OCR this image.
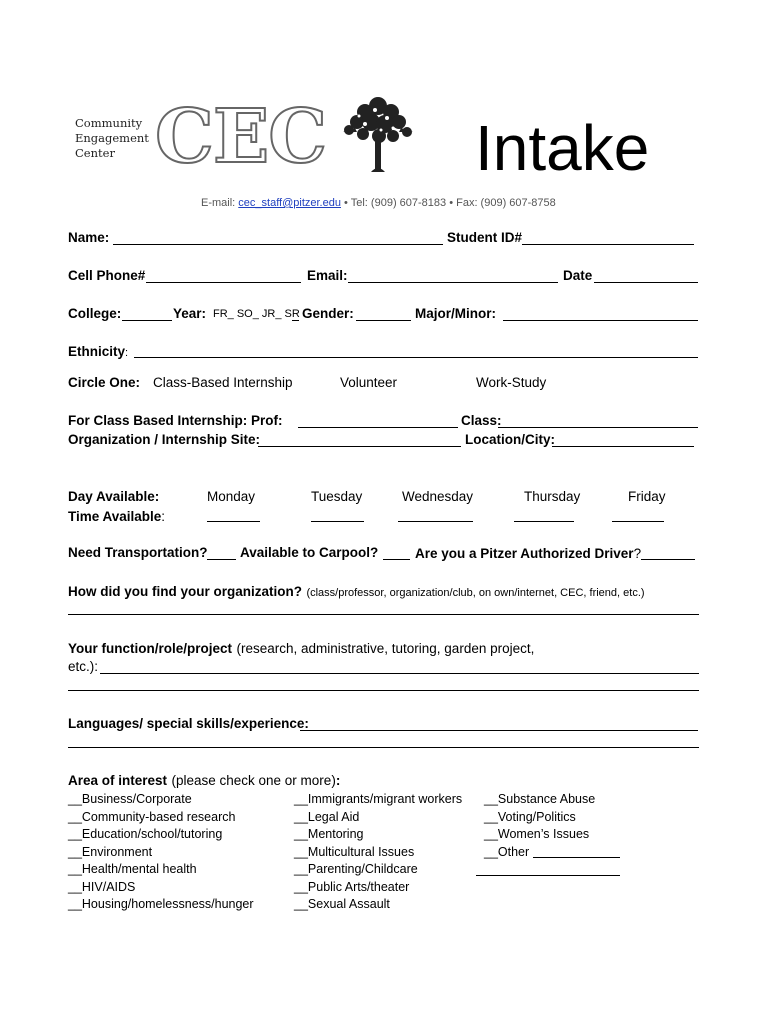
Community
Engagement
Center CEC Intake
E-mail: cec_staff@pitzer.edu • Tel: (909) 607-8183 • Fax: (909) 607-8758
Name:	Student ID#
Cell Phone#	Email:	Date
College:	Year: FR_ SO_ JR_ SR Gender:	Major/Minor:
Ethnicity:
Circle One: Class-Based Internship	Volunteer	Work-Study
For Class Based Internship: Prof:	Class:
Organization / Internship Site:	Location/City:
Day Available:
Time Available:
Monday	Tuesday	Wednesday	Thursday	Friday
Need Transportation? Available to Carpool?	Are you a Pitzer Authorized Driver?
How did you find your organization? (class/professor, organization/club, on own/internet, CEC, friend, etc.)
Your function/role/project (research, administrative, tutoring, garden project,
etc.):
Languages/ special skills/experience:
Area of interest (please check one or more):
__Business/Corporate
__Community-based research
__Education/school/tutoring
__Environment
__Health/mental health
__HIV/AIDS
__Housing/homelessness/hunger
__Immigrants/migrant workers
__Legal Aid
__Mentoring
__Multicultural Issues
__Parenting/Childcare
__Public Arts/theater
__Sexual Assault
__Substance Abuse
__Voting/Politics
__Women’s Issues
__Other
